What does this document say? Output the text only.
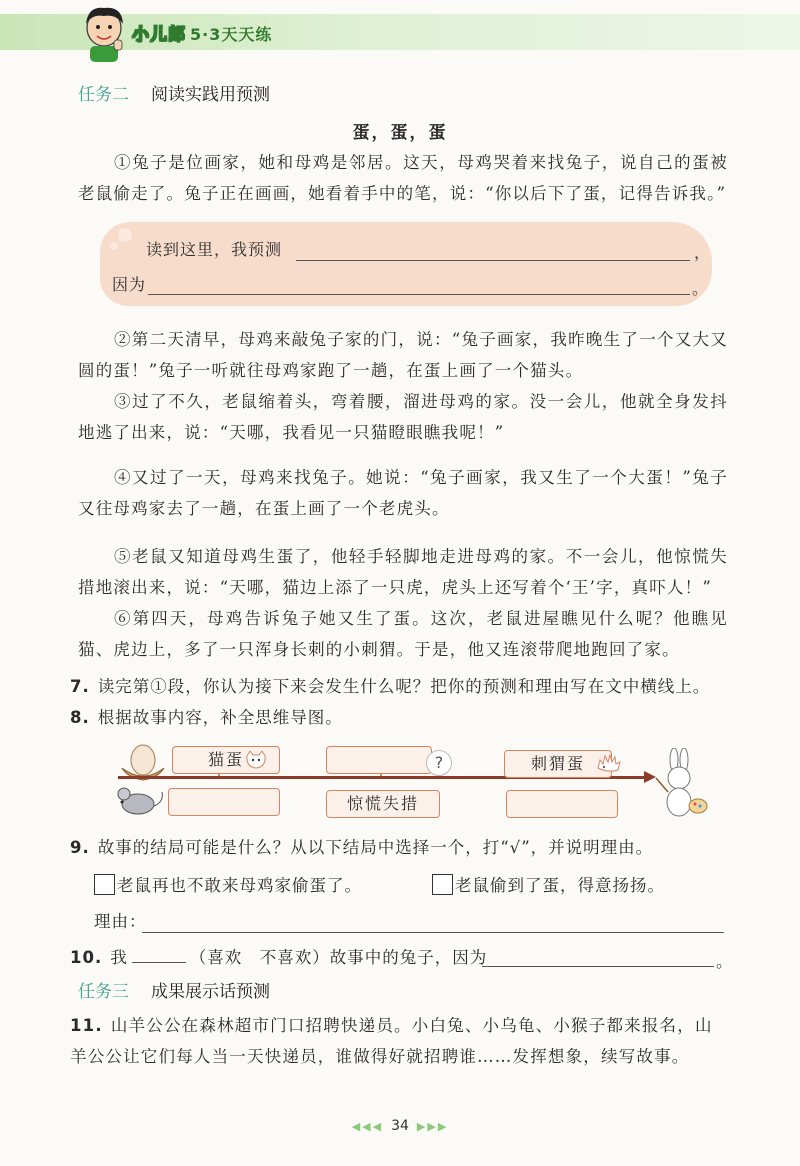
小儿郎 5·3天天练
任务二 阅读实践用预测
蛋，蛋，蛋
①兔子是位画家，她和母鸡是邻居。这天，母鸡哭着来找兔子，说自己的蛋被老鼠偷走了。兔子正在画画，她看着手中的笔，说：“你以后下了蛋，记得告诉我。”
读到这里，我预测	，
因为	。
②第二天清早，母鸡来敲兔子家的门，说：“兔子画家，我昨晚生了一个又大又圆的蛋！”兔子一听就往母鸡家跑了一趟，在蛋上画了一个猫头。
③过了不久，老鼠缩着头，弯着腰，溜进母鸡的家。没一会儿，他就全身发抖地逃了出来，说：“天哪，我看见一只猫瞪眼瞧我呢！”
④又过了一天，母鸡来找兔子。她说：“兔子画家，我又生了一个大蛋！”兔子又往母鸡家去了一趟，在蛋上画了一个老虎头。
⑤老鼠又知道母鸡生蛋了，他轻手轻脚地走进母鸡的家。不一会儿，他惊慌失措地滚出来，说：“天哪，猫边上添了一只虎，虎头上还写着个‘王’字，真吓人！”
⑥第四天，母鸡告诉兔子她又生了蛋。这次，老鼠进屋瞧见什么呢？他瞧见猫、虎边上，多了一只浑身长刺的小刺猬。于是，他又连滚带爬地跑回了家。
7. 读完第①段，你认为接下来会发生什么呢？把你的预测和理由写在文中横线上。
8. 根据故事内容，补全思维导图。
猫蛋	?	刺猬蛋
惊慌失措
9. 故事的结局可能是什么？从以下结局中选择一个，打“√”，并说明理由。
老鼠再也不敢来母鸡家偷蛋了。	老鼠偷到了蛋，得意扬扬。
理由：
10. 我	（喜欢　不喜欢）故事中的兔子，因为	。
任务三 成果展示话预测
11. 山羊公公在森林超市门口招聘快递员。小白兔、小乌龟、小猴子都来报名，山羊公公让它们每人当一天快递员，谁做得好就招聘谁……发挥想象，续写故事。
◀◀◀ 34 ▶▶▶
